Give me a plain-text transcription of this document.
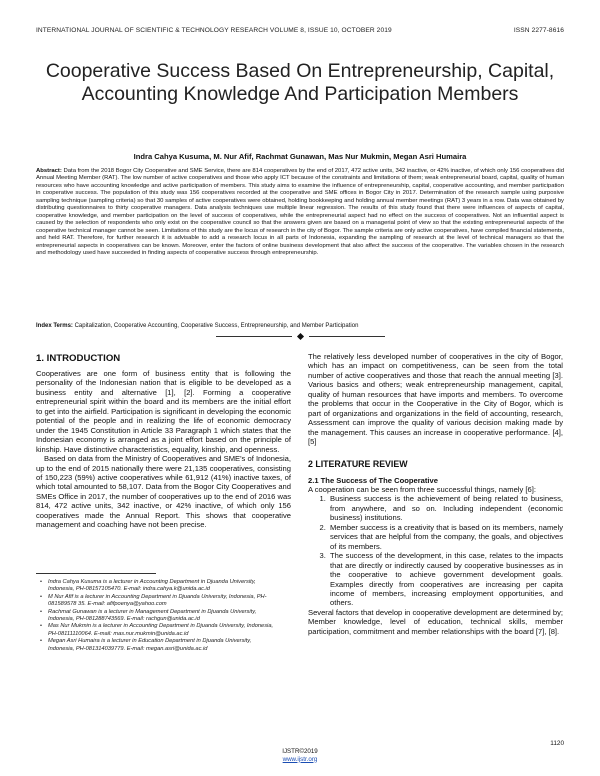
INTERNATIONAL JOURNAL OF SCIENTIFIC & TECHNOLOGY RESEARCH VOLUME 8, ISSUE 10, OCTOBER 2019	ISSN 2277-8616
Cooperative Success Based On Entrepreneurship, Capital, Accounting Knowledge And Participation Members
Indra Cahya Kusuma, M. Nur Afif, Rachmat Gunawan, Mas Nur Mukmin, Megan Asri Humaira
Abstract: Data from the 2018 Bogor City Cooperative and SME Service, there are 814 cooperatives by the end of 2017, 472 active units, 342 inactive, or 42% inactive, of which only 156 cooperatives did Annual Meeting Member (RAT). The low number of active cooperatives and those who apply ICT because of the constraints and limitations of them; weak entrepreneurial board, capital, quality of human resources who have accounting knowledge and active participation of members. This study aims to examine the influence of entrepreneurship, capital, cooperative accounting, and member participation in cooperative success. The population of this study was 156 cooperatives recorded at the cooperative and SME offices in Bogor City in 2017. Determination of the research sample using purposive sampling technique (sampling criteria) so that 30 samples of active cooperatives were obtained, holding bookkeeping and holding annual member meetings (RAT) 3 years in a row. Data was obtained by distributing questionnaires to thirty cooperative managers. Data analysis techniques use multiple linear regression. The results of this study found that there were influences of aspects of capital, cooperative knowledge, and member participation on the level of success of cooperatives, while the entrepreneurial aspect had no effect on the success of cooperatives. Not an influential aspect is caused by the selection of respondents who only exist on the cooperative council so that the answers given are based on a managerial point of view so that the existing entrepreneurial aspects of the cooperative technical manager cannot be seen. Limitations of this study are the locus of research in the city of Bogor. The sample criteria are only active cooperatives, have compiled financial statements, and held RAT. Therefore, for further research it is advisable to add a research locus in all parts of Indonesia, expanding the sampling of research at the level of technical managers so that the entrepreneurial aspects in cooperatives can be known. Moreover, enter the factors of online business development that also affect the success of the cooperative. The variables chosen in the research and methodology used have succeeded in finding aspects of cooperative success through entrepreneurship.
Index Terms: Capitalization, Cooperative Accounting, Cooperative Success, Entrepreneurship, and Member Participation
1. INTRODUCTION

Cooperatives are one form of business entity that is following the personality of the Indonesian nation that is eligible to be developed as a business entity and alternative [1], [2]. Forming a cooperative entrepreneurial spirit within the board and its members are the initial effort to get into the airfield. Participation is significant in developing the economic potential of the people and in realizing the life of economic democracy under the 1945 Constitution in Article 33 Paragraph 1 which states that the Indonesian economy is arranged as a joint effort based on the principle of kinship. Have distinctive characteristics, equality, kinship, and openness.

Based on data from the Ministry of Cooperatives and SME's of Indonesia, up to the end of 2015 nationally there were 21,135 cooperatives, consisting of 150,223 (59%) active cooperatives while 61,912 (41%) inactive taxes, of which total amounted to 58,107. Data from the Bogor City Cooperatives and SMEs Office in 2017, the number of cooperatives up to the end of 2016 was 814, 472 active units, 342 inactive, or 42% inactive, of which only 156 cooperatives made the Annual Report. This shows that cooperative management and coaching have not been precise.

• Indra Cahya Kusuma is a lecturer in Accounting Department in Djuanda University, Indonesia, PH-08157105470. E-mail: indra.cahya.k@unida.ac.id
• M Nur Afif is a lecturer in Accounting Department in Djuanda University, Indonesia, PH-081589578 35. E-mail: afifpoenya@yahoo.com
• Rachmat Gunawan is a lecturer in Management Department in Djuanda University, Indonesia, PH-081288743569. E-mail: rachgun@unida.ac.id
• Mas Nur Mukmin is a lecturer in Accounting Department in Djuanda University, Indonesia, PH-08111110064. E-mail: mas.nur.mukmin@unida.ac.id
• Megan Asri Humaira is a lecturer in Education Department in Djuanda University, Indonesia, PH-081314039779. E-mail: megan.asri@unida.ac.id

The relatively less developed number of cooperatives in the city of Bogor, which has an impact on competitiveness, can be seen from the total number of active cooperatives and those that reach the annual meeting [3]. Various basics and others; weak entrepreneurship management, capital, quality of human resources that have imports and members. To overcome the problems that occur in the Cooperative in the City of Bogor, which is part of organizations and organizations in the field of accounting, research, Assessment can improve the quality of various decision making made by the management. This causes an increase in cooperative performance. [4], [5]

2 LITERATURE REVIEW
2.1 The Success of The Cooperative

A cooperation can be seen from three successful things, namely [6]:

1. Business success is the achievement of being related to business, from anywhere, and so on. Including independent (economic business) institutions.
2. Member success is a creativity that is based on its members, namely services that are helpful from the company, the goals, and objectives of its members.
3. The success of the development, in this case, relates to the impacts that are directly or indirectly caused by cooperative businesses as in the cooperative to achieve government development goals. Examples directly from cooperatives are increasing per capita income of members, increasing employment opportunities, and others.

Several factors that develop in cooperative development are determined by; Member knowledge, level of education, technical skills, member participation, commitment and member relationships with the board [7], [8].

1120
IJSTR©2019
www.ijstr.org
